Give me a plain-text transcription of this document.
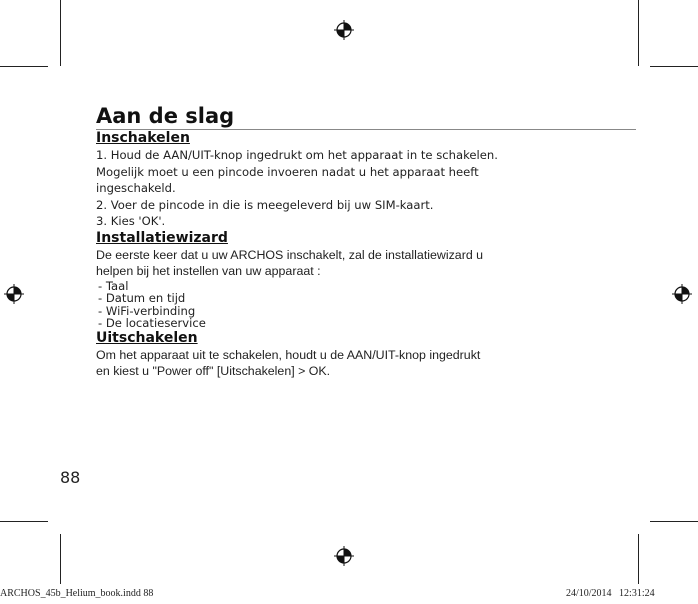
Aan de slag
Inschakelen

1. Houd de AAN/UIT-knop ingedrukt om het apparaat in te schakelen.

Mogelijk moet u een pincode invoeren nadat u het apparaat heeft

ingeschakeld.

2. Voer de pincode in die is meegeleverd bij uw SIM-kaart.

3. Kies 'OK'.

Installatiewizard

De eerste keer dat u uw ARCHOS inschakelt, zal de installatiewizard u

helpen bij het instellen van uw apparaat :

- Taal
- Datum en tijd
- WiFi-verbinding
- De locatieservice
Uitschakelen

Om het apparaat uit te schakelen, houdt u de AAN/UIT-knop ingedrukt

en kiest u "Power off" [Uitschakelen] > OK.

88
ARCHOS_45b_Helium_book.indd 88	24/10/2014   12:31:24
